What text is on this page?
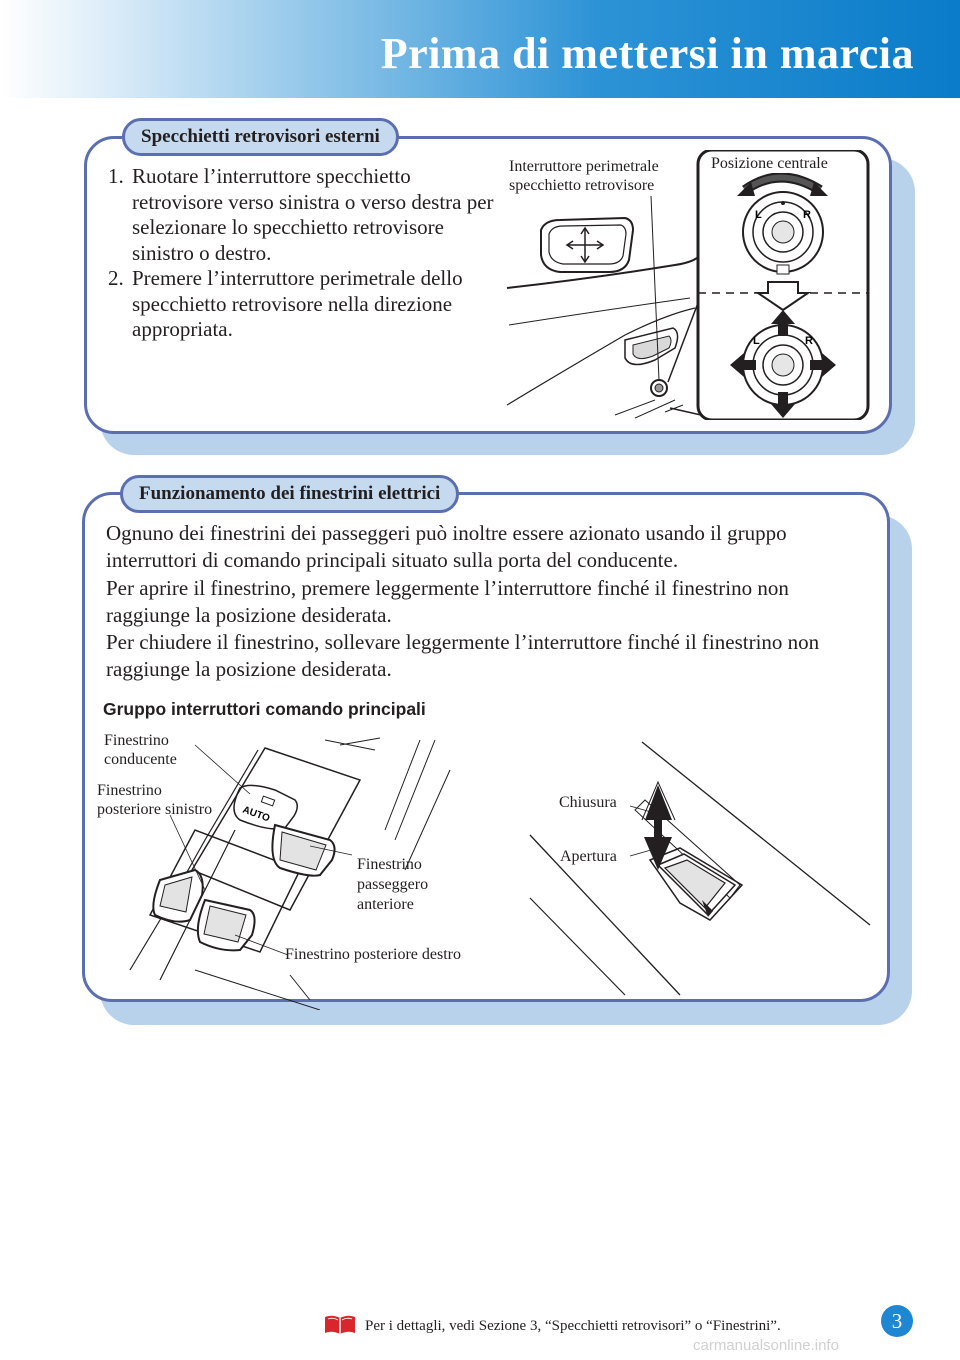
Prima di mettersi in marcia
Specchietti retrovisori esterni
1. Ruotare l’interruttore specchietto retrovisore verso sinistra o verso destra per selezionare lo specchietto retrovisore sinistro o destro.
2. Premere l’interruttore perimetrale dello specchietto retrovisore nella direzione appropriata.
L	R
L	R
Interruttore perimetrale
specchietto retrovisore
Posizione centrale
Funzionamento dei finestrini elettrici
Ognuno dei finestrini dei passeggeri può inoltre essere azionato usando il gruppo interruttori di comando principali situato sulla porta del conducente.
Per aprire il finestrino, premere leggermente l’interruttore finché il finestrino non raggiunge la posizione desiderata.
Per chiudere il finestrino, sollevare leggermente l’interruttore finché il finestrino non raggiunge la posizione desiderata.
Gruppo interruttori comando principali
AUTO
Finestrino
conducente
Finestrino
posteriore sinistro
Finestrino
passeggero
anteriore
Finestrino posteriore destro
Chiusura
Apertura
Per i dettagli, vedi Sezione 3, “Specchietti retrovisori” o “Finestrini”.	3
carmanualsonline.info
